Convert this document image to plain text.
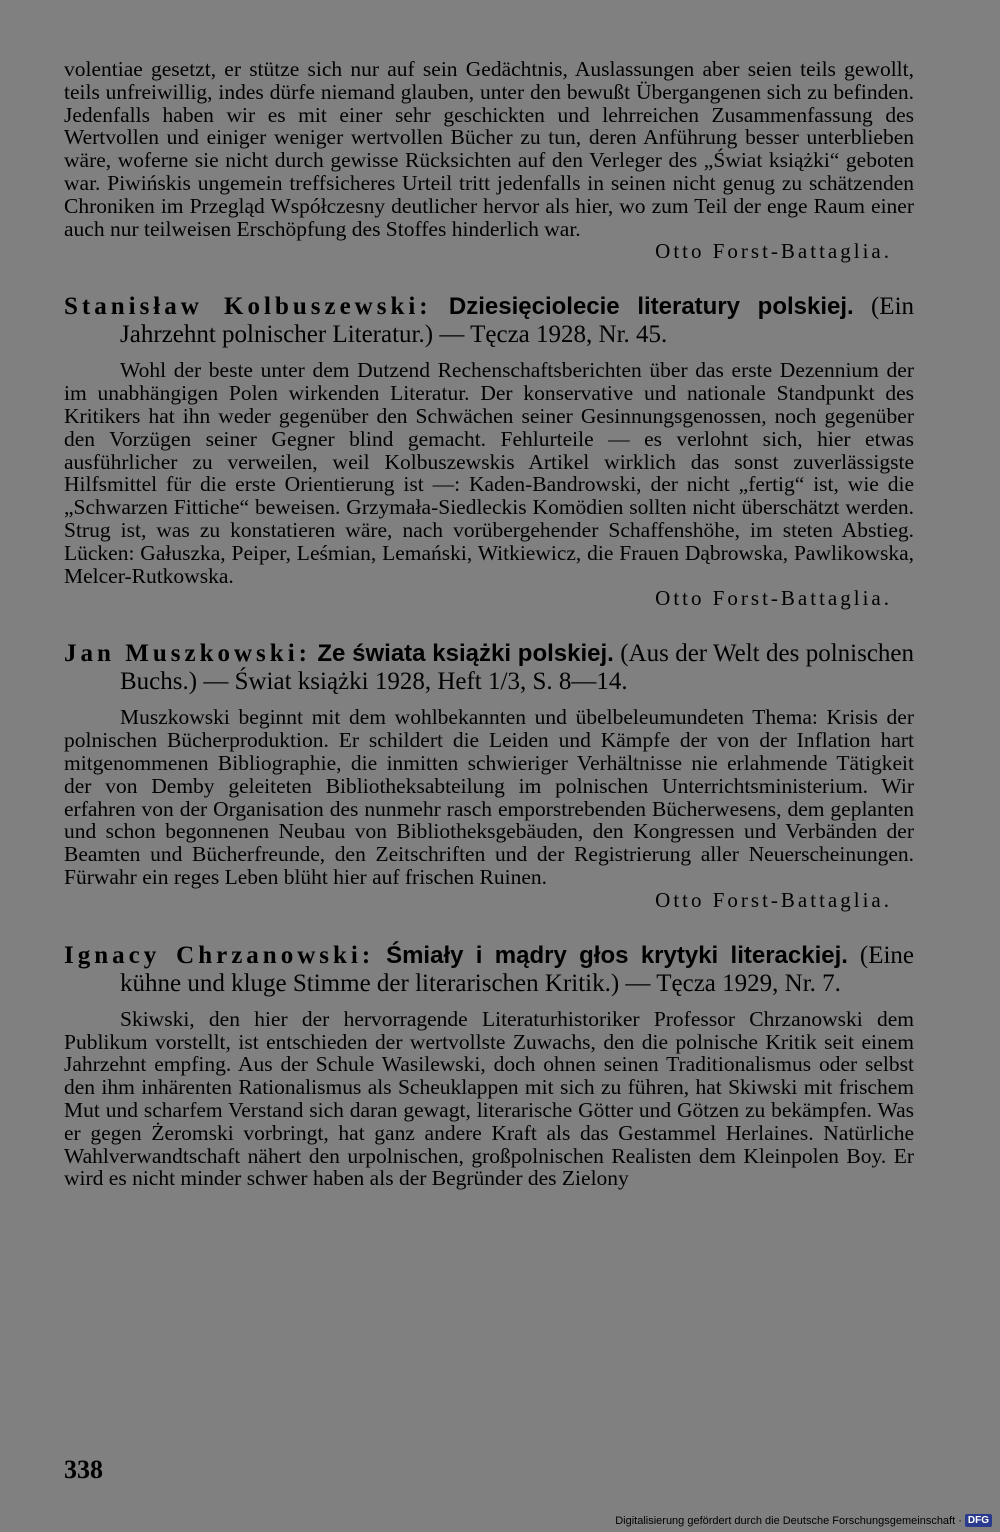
volentiae gesetzt, er stütze sich nur auf sein Gedächtnis, Auslassungen aber seien teils gewollt, teils unfreiwillig, indes dürfe niemand glauben, unter den bewußt Übergangenen sich zu befinden. Jedenfalls haben wir es mit einer sehr geschickten und lehrreichen Zusammenfassung des Wertvollen und einiger weniger wertvollen Bücher zu tun, deren Anführung besser unterblieben wäre, woferne sie nicht durch gewisse Rücksichten auf den Verleger des „Świat książki“ geboten war. Piwińskis ungemein treffsicheres Urteil tritt jedenfalls in seinen nicht genug zu schätzenden Chroniken im Przegląd Współczesny deutlicher hervor als hier, wo zum Teil der enge Raum einer auch nur teilweisen Erschöpfung des Stoffes hinderlich war.

Otto Forst-Battaglia.

Stanisław Kolbuszewski: Dziesięciolecie literatury polskiej. (Ein Jahrzehnt polnischer Literatur.) — Tęcza 1928, Nr. 45.

Wohl der beste unter dem Dutzend Rechenschaftsberichten über das erste Dezennium der im unabhängigen Polen wirkenden Literatur. Der konservative und nationale Standpunkt des Kritikers hat ihn weder gegenüber den Schwächen seiner Gesinnungsgenossen, noch gegenüber den Vorzügen seiner Gegner blind gemacht. Fehlurteile — es verlohnt sich, hier etwas ausführlicher zu verweilen, weil Kolbuszewskis Artikel wirklich das sonst zuverlässigste Hilfsmittel für die erste Orientierung ist —: Kaden-Bandrowski, der nicht „fertig“ ist, wie die „Schwarzen Fittiche“ beweisen. Grzymała-Siedleckis Komödien sollten nicht überschätzt werden. Strug ist, was zu konstatieren wäre, nach vorübergehender Schaffenshöhe, im steten Abstieg. Lücken: Gałuszka, Peiper, Leśmian, Lemański, Witkiewicz, die Frauen Dąbrowska, Pawlikowska, Melcer-Rutkowska.

Otto Forst-Battaglia.

Jan Muszkowski: Ze świata książki polskiej. (Aus der Welt des polnischen Buchs.) — Świat książki 1928, Heft 1/3, S. 8—14.

Muszkowski beginnt mit dem wohlbekannten und übelbeleumundeten Thema: Krisis der polnischen Bücherproduktion. Er schildert die Leiden und Kämpfe der von der Inflation hart mitgenommenen Bibliographie, die inmitten schwieriger Verhältnisse nie erlahmende Tätigkeit der von Demby geleiteten Bibliotheksabteilung im polnischen Unterrichtsministerium. Wir erfahren von der Organisation des nunmehr rasch emporstrebenden Bücherwesens, dem geplanten und schon begonnenen Neubau von Bibliotheksgebäuden, den Kongressen und Verbänden der Beamten und Bücherfreunde, den Zeitschriften und der Registrierung aller Neuerscheinungen. Fürwahr ein reges Leben blüht hier auf frischen Ruinen.

Otto Forst-Battaglia.

Ignacy Chrzanowski: Śmiały i mądry głos krytyki literackiej. (Eine kühne und kluge Stimme der literarischen Kritik.) — Tęcza 1929, Nr. 7.

Skiwski, den hier der hervorragende Literaturhistoriker Professor Chrzanowski dem Publikum vorstellt, ist entschieden der wertvollste Zuwachs, den die polnische Kritik seit einem Jahrzehnt empfing. Aus der Schule Wasilewski, doch ohnen seinen Traditionalismus oder selbst den ihm inhärenten Rationalismus als Scheuklappen mit sich zu führen, hat Skiwski mit frischem Mut und scharfem Verstand sich daran gewagt, literarische Götter und Götzen zu bekämpfen. Was er gegen Żeromski vorbringt, hat ganz andere Kraft als das Gestammel Herlaines. Natürliche Wahlverwandtschaft nähert den urpolnischen, großpolnischen Realisten dem Kleinpolen Boy. Er wird es nicht minder schwer haben als der Begründer des Zielony

338
Digitalisierung gefördert durch die Deutsche Forschungsgemeinschaft · DFG
